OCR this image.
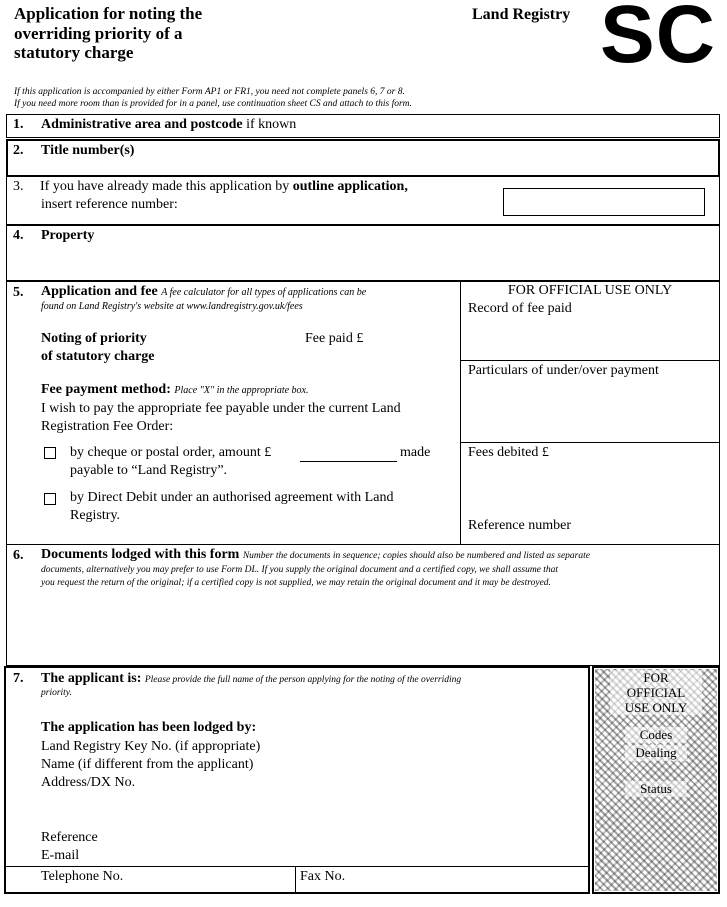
Application for noting the
overriding priority of a
statutory charge
Land Registry SC
If this application is accompanied by either Form AP1 or FR1, you need not complete panels 6, 7 or 8.
If you need more room than is provided for in a panel, use continuation sheet CS and attach to this form.
1. Administrative area and postcode if known
2. Title number(s)
3. If you have already made this application by outline application,
insert reference number:
4. Property
5. Application and fee A fee calculator for all types of applications can be
found on Land Registry's website at www.landregistry.gov.uk/fees
Noting of priority
of statutory charge
Fee paid £
Fee payment method: Place "X" in the appropriate box.
I wish to pay the appropriate fee payable under the current Land
Registration Fee Order:
by cheque or postal order, amount £	made
payable to “Land Registry”.
by Direct Debit under an authorised agreement with Land
Registry.
FOR OFFICIAL USE ONLY
Record of fee paid
Particulars of under/over payment
Fees debited £
Reference number
6. Documents lodged with this form Number the documents in sequence; copies should also be numbered and listed as separate
documents, alternatively you may prefer to use Form DL. If you supply the original document and a certified copy, we shall assume that
you request the return of the original; if a certified copy is not supplied, we may retain the original document and it may be destroyed.
7. The applicant is: Please provide the full name of the person applying for the noting of the overriding
priority.
The application has been lodged by:
Land Registry Key No. (if appropriate)
Name (if different from the applicant)
Address/DX No.
Reference
E-mail
Telephone No.	Fax No.
FOR
OFFICIAL
USE ONLY
Codes
Dealing
Status
